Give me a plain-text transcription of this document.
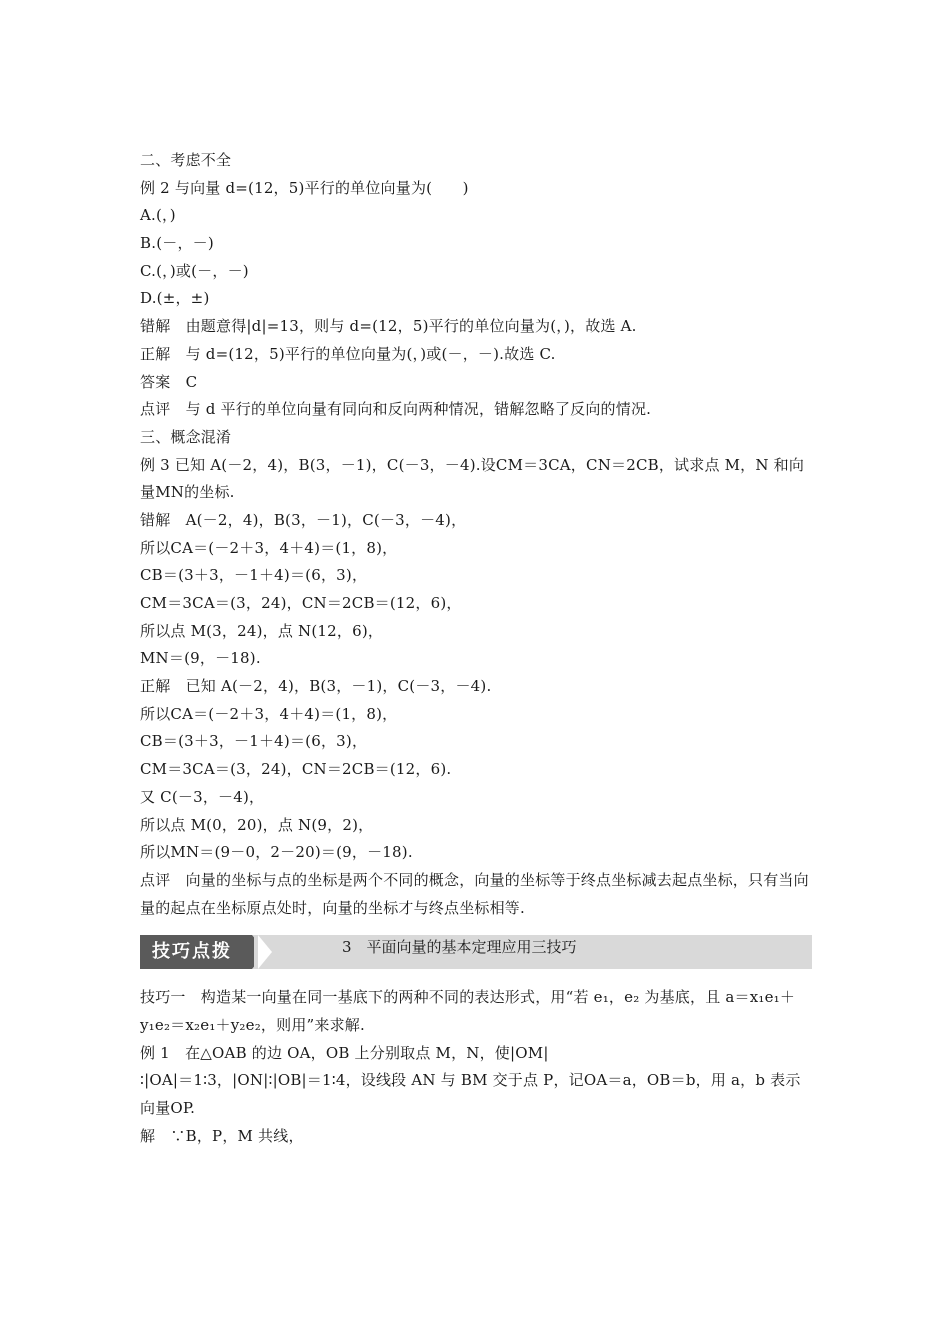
二、考虑不全
例 2 与向量 d=(12，5)平行的单位向量为(　　)
A.(，)
B.(－，－)
C.(，)或(－，－)
D.(±，±)
错解　由题意得|d|=13，则与 d=(12，5)平行的单位向量为(，)，故选 A.
正解　与 d=(12，5)平行的单位向量为(，)或(－，－).故选 C.
答案　C
点评　与 d 平行的单位向量有同向和反向两种情况，错解忽略了反向的情况.
三、概念混淆
例 3 已知 A(－2，4)，B(3，－1)，C(－3，－4).设CM＝3CA，CN＝2CB，试求点 M，N 和向量MN的坐标.
错解　A(－2，4)，B(3，－1)，C(－3，－4)，
所以CA＝(－2＋3，4＋4)＝(1，8)，
CB＝(3＋3，－1＋4)＝(6，3)，
CM＝3CA＝(3，24)，CN＝2CB＝(12，6)，
所以点 M(3，24)，点 N(12，6)，
MN＝(9，－18).
正解　已知 A(－2，4)，B(3，－1)，C(－3，－4).
所以CA＝(－2＋3，4＋4)＝(1，8)，
CB＝(3＋3，－1＋4)＝(6，3)，
CM＝3CA＝(3，24)，CN＝2CB＝(12，6).
又 C(－3，－4)，
所以点 M(0，20)，点 N(9，2)，
所以MN＝(9－0，2－20)＝(9，－18).
点评　向量的坐标与点的坐标是两个不同的概念，向量的坐标等于终点坐标减去起点坐标，只有当向量的起点在坐标原点处时，向量的坐标才与终点坐标相等.
技巧点拨	3　平面向量的基本定理应用三技巧
技巧一　构造某一向量在同一基底下的两种不同的表达形式，用“若 e₁，e₂ 为基底，且 a＝x₁e₁＋y₁e₂＝x₂e₁＋y₂e₂，则用”来求解.
例 1　在△OAB 的边 OA，OB 上分别取点 M，N，使|OM|
∶|OA|＝1∶3，|ON|∶|OB|＝1∶4，设线段 AN 与 BM 交于点 P，记OA＝a，OB＝b，用 a，b 表示向量OP.
解　∵B，P，M 共线，
